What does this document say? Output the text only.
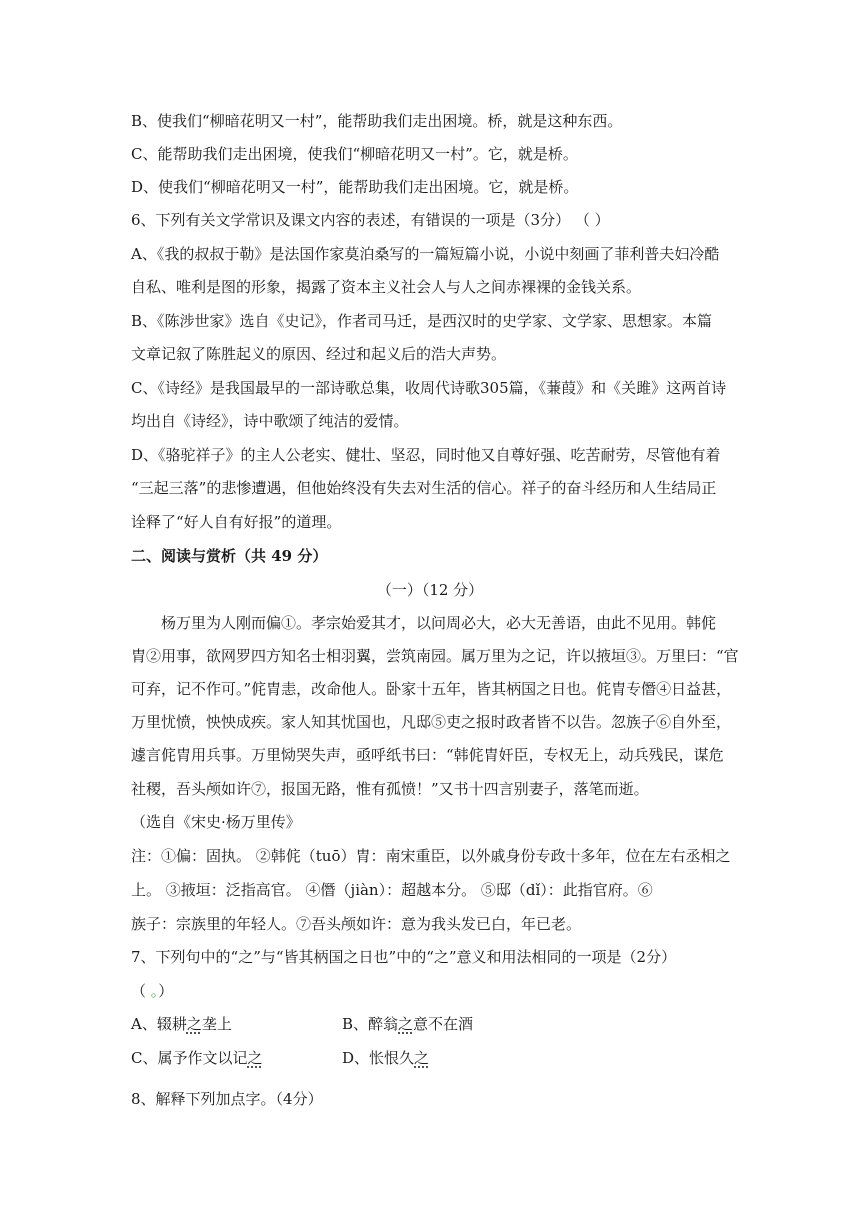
B、使我们“柳暗花明又一村”，能帮助我们走出困境。桥，就是这种东西。
C、能帮助我们走出困境，使我们“柳暗花明又一村”。它，就是桥。
D、使我们“柳暗花明又一村”，能帮助我们走出困境。它，就是桥。
6、下列有关文学常识及课文内容的表述，有错误的一项是（3分） （ ）
A、《我的叔叔于勒》是法国作家莫泊桑写的一篇短篇小说，小说中刻画了菲利普夫妇冷酷
自私、唯利是图的形象，揭露了资本主义社会人与人之间赤裸裸的金钱关系。
B、《陈涉世家》选自《史记》，作者司马迁，是西汉时的史学家、文学家、思想家。本篇
文章记叙了陈胜起义的原因、经过和起义后的浩大声势。
C、《诗经》是我国最早的一部诗歌总集，收周代诗歌305篇，《蒹葭》和《关雎》这两首诗
均出自《诗经》，诗中歌颂了纯洁的爱情。
D、《骆驼祥子》的主人公老实、健壮、坚忍，同时他又自尊好强、吃苦耐劳，尽管他有着
“三起三落”的悲惨遭遇，但他始终没有失去对生活的信心。祥子的奋斗经历和人生结局正
诠释了“好人自有好报”的道理。
二、阅读与赏析（共 49 分）
（一）（12 分）
杨万里为人刚而偏①。孝宗始爱其才，以问周必大，必大无善语，由此不见用。韩侂
胄②用事，欲网罗四方知名士相羽翼，尝筑南园。属万里为之记，许以掖垣③。万里曰：“官
可弃，记不作可。”侂胄恚，改命他人。卧家十五年，皆其柄国之日也。侂胄专僭④日益甚，
万里忧愤，怏怏成疾。家人知其忧国也，凡邸⑤吏之报时政者皆不以告。忽族子⑥自外至，
遽言侂胄用兵事。万里恸哭失声，亟呼纸书曰：“韩侂胄奸臣，专权无上，动兵残民，谋危
社稷，吾头颅如许⑦，报国无路，惟有孤愤！”又书十四言别妻子，落笔而逝。
（选自《宋史·杨万里传》
注：①偏：固执。 ②韩侂（tuō）胄：南宋重臣，以外戚身份专政十多年，位在左右丞相之
上。 ③掖垣：泛指高官。 ④僭（jiàn）：超越本分。 ⑤邸（dǐ）：此指官府。⑥
族子：宗族里的年轻人。⑦吾头颅如许：意为我头发已白，年已老。
7、下列句中的“之”与“皆其柄国之日也”中的“之”意义和用法相同的一项是（2分）
（ 。）
A、辍耕之垄上	B、醉翁之意不在酒
C、属予作文以记之	D、怅恨久之
8、解释下列加点字。（4分）
